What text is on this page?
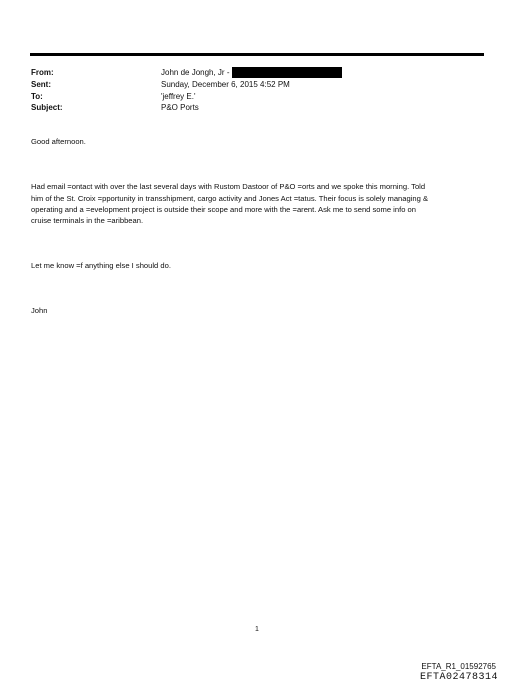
From:	John de Jongh, Jr -
Sent:	Sunday, December 6, 2015 4:52 PM
To:	'jeffrey E.'
Subject:	P&O Ports
Good afternoon.
Had email =ontact with over the last several days with Rustom Dastoor of P&O =orts and we spoke this morning. Told
him of the St. Croix =pportunity in transshipment, cargo activity and Jones Act =tatus. Their focus is solely managing &
operating and a =evelopment project is outside their scope and more with the =arent. Ask me to send some info on
cruise terminals in the =aribbean.
Let me know =f anything else I should do.
John
1
EFTA_R1_01592765
EFTA02478314
